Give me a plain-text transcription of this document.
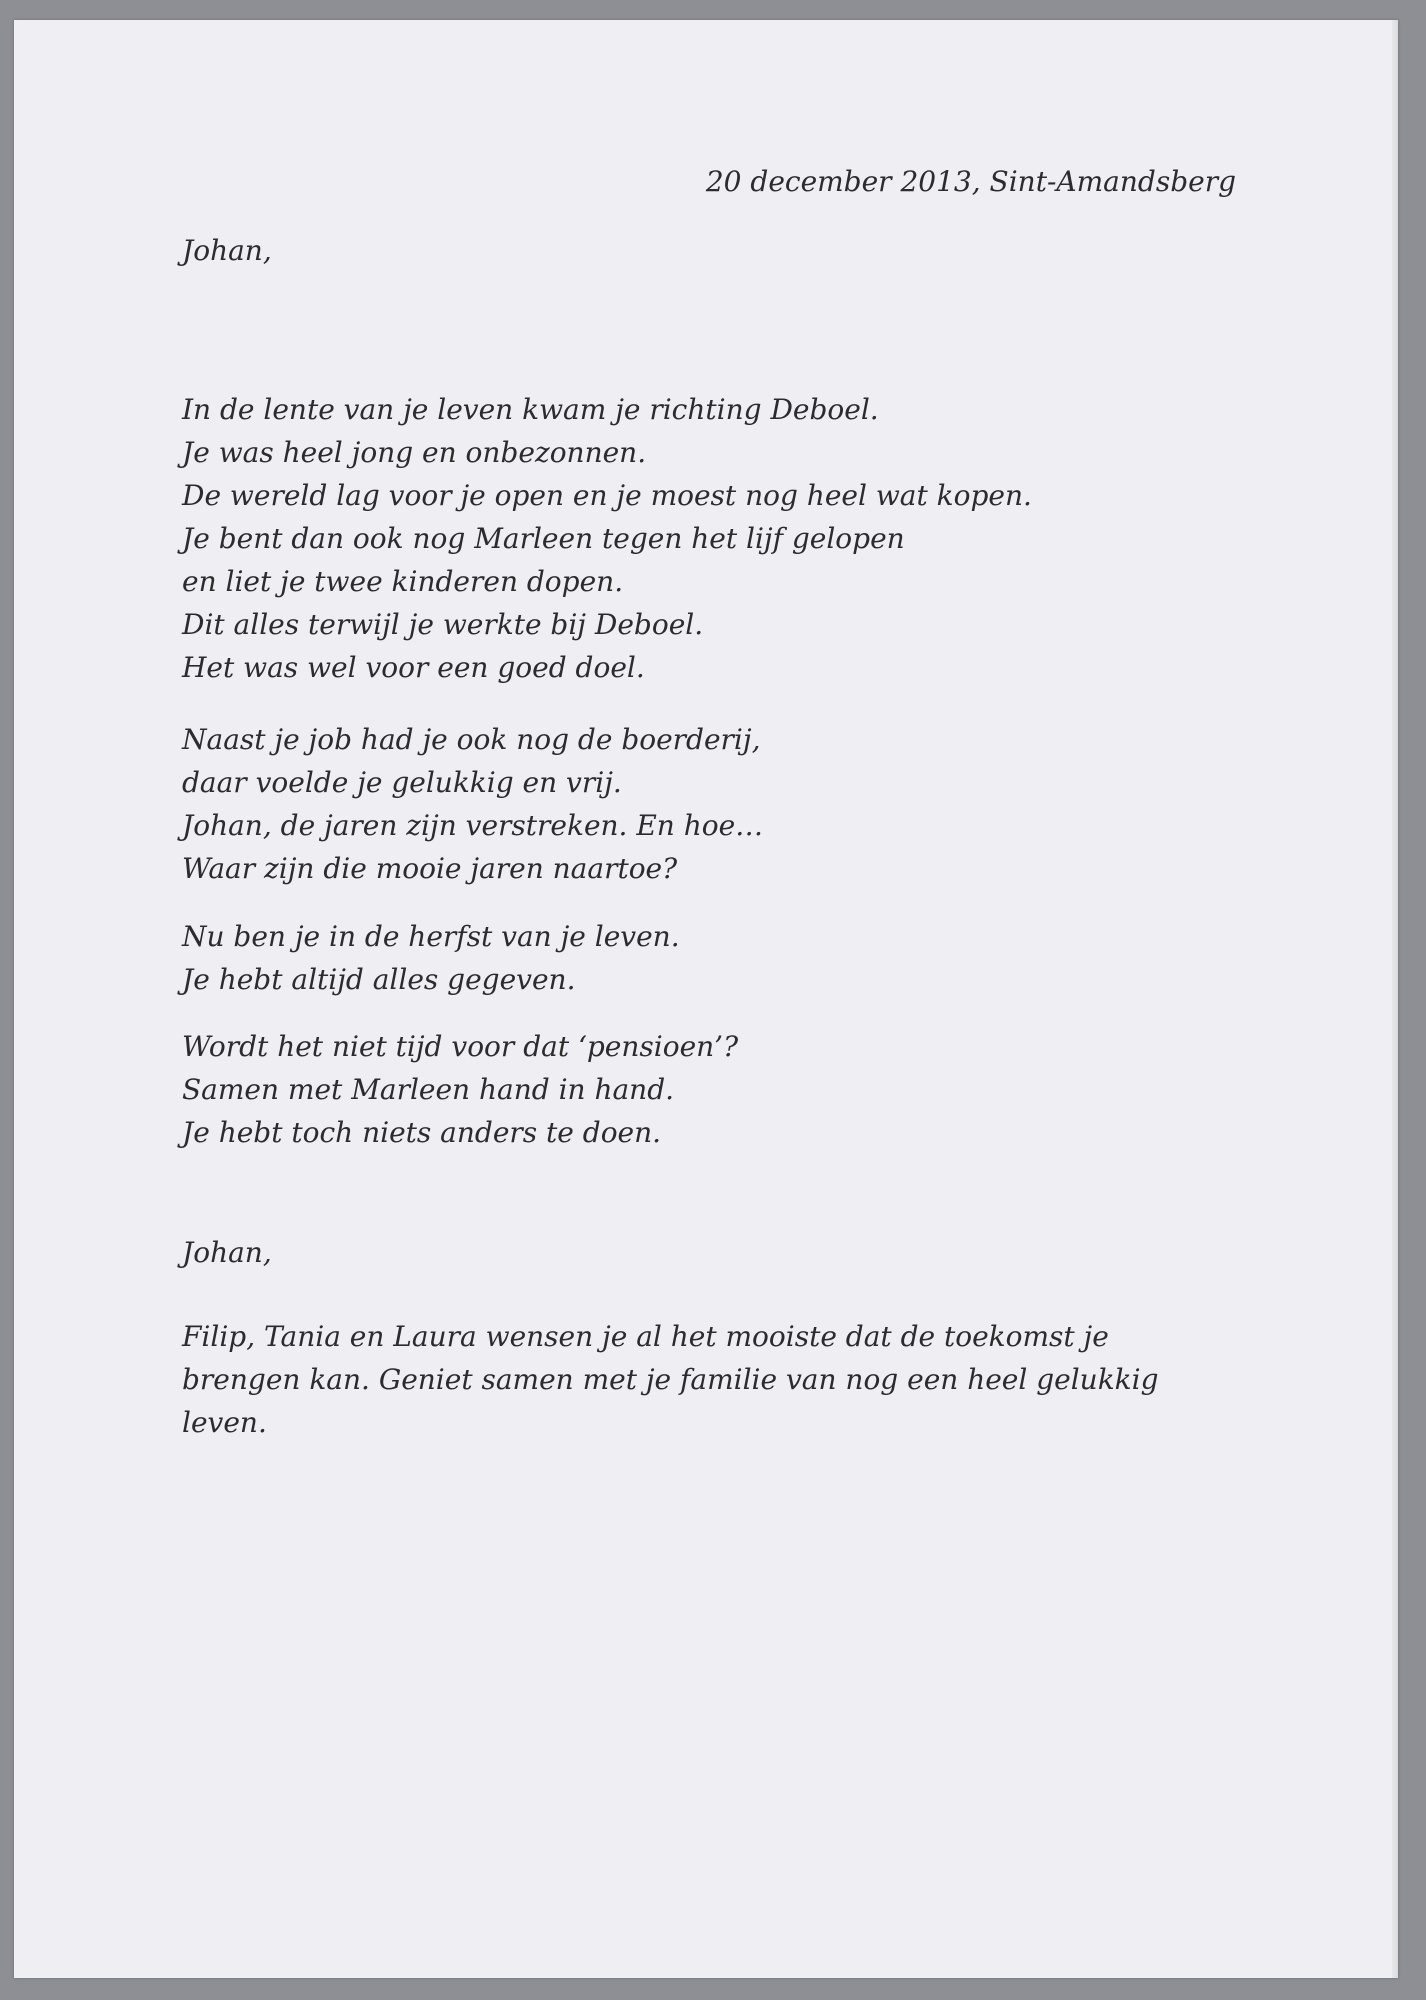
20 december 2013, Sint-Amandsberg
Johan,
In de lente van je leven kwam je richting Deboel.
Je was heel jong en onbezonnen.
De wereld lag voor je open en je moest nog heel wat kopen.
Je bent dan ook nog Marleen tegen het lijf gelopen
en liet je twee kinderen dopen.
Dit alles terwijl je werkte bij Deboel.
Het was wel voor een goed doel.
Naast je job had je ook nog de boerderij,
daar voelde je gelukkig en vrij.
Johan, de jaren zijn verstreken. En hoe…
Waar zijn die mooie jaren naartoe?
Nu ben je in de herfst van je leven.
Je hebt altijd alles gegeven.
Wordt het niet tijd voor dat ‘pensioen’?
Samen met Marleen hand in hand.
Je hebt toch niets anders te doen.
Johan,

Filip, Tania en Laura wensen je al het mooiste dat de toekomst je brengen kan. Geniet samen met je familie van nog een heel gelukkig leven.
